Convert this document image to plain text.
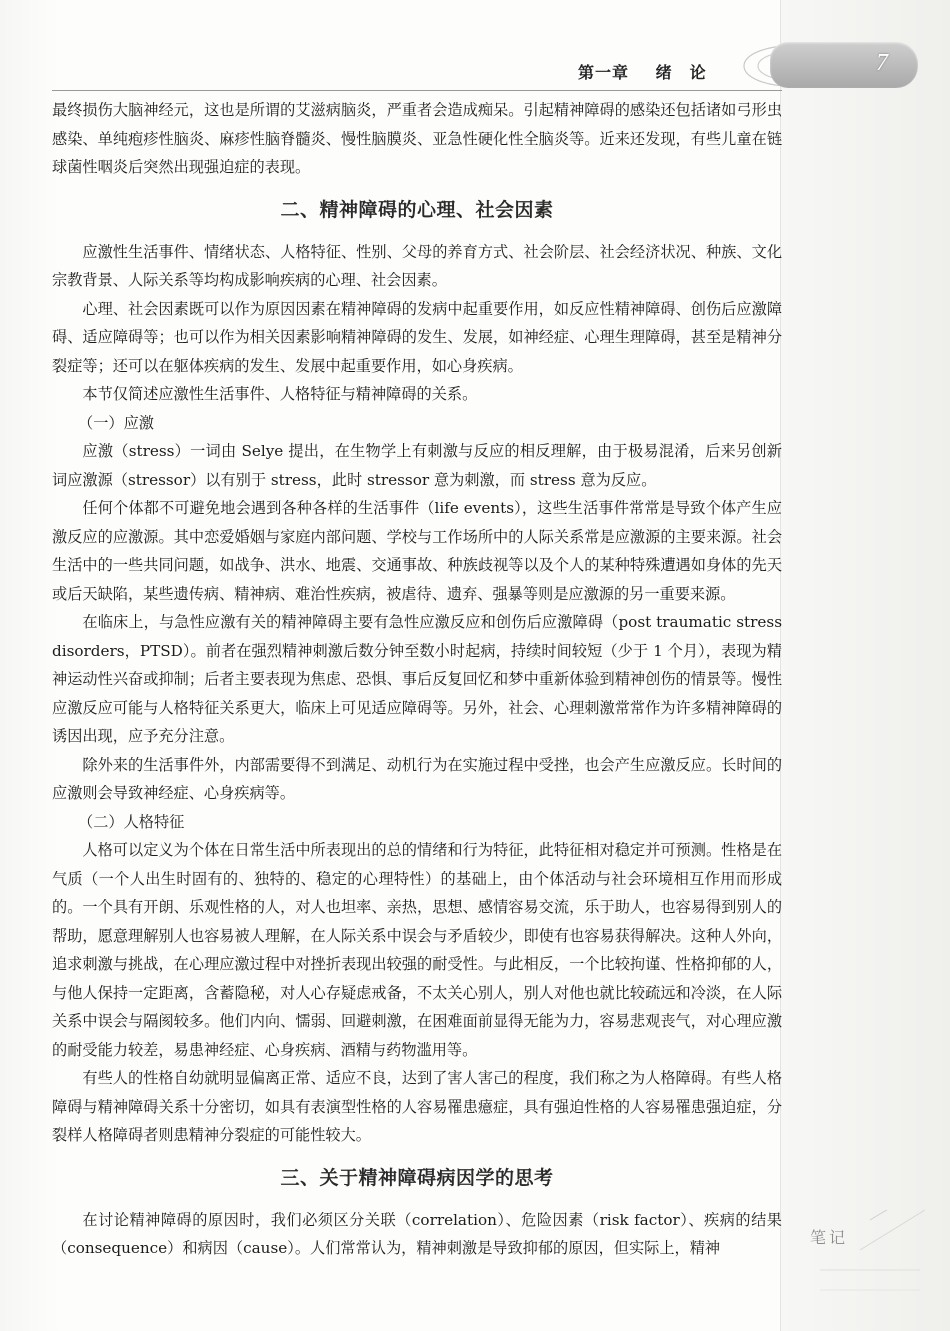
第一章 绪　论	7

最终损伤大脑神经元，这也是所谓的艾滋病脑炎，严重者会造成痴呆。引起精神障碍的感染还包括诸如弓形虫感染、单纯疱疹性脑炎、麻疹性脑脊髓炎、慢性脑膜炎、亚急性硬化性全脑炎等。近来还发现，有些儿童在链球菌性咽炎后突然出现强迫症的表现。

二、精神障碍的心理、社会因素

应激性生活事件、情绪状态、人格特征、性别、父母的养育方式、社会阶层、社会经济状况、种族、文化宗教背景、人际关系等均构成影响疾病的心理、社会因素。

心理、社会因素既可以作为原因因素在精神障碍的发病中起重要作用，如反应性精神障碍、创伤后应激障碍、适应障碍等；也可以作为相关因素影响精神障碍的发生、发展，如神经症、心理生理障碍，甚至是精神分裂症等；还可以在躯体疾病的发生、发展中起重要作用，如心身疾病。

本节仅简述应激性生活事件、人格特征与精神障碍的关系。

（一）应激

应激（stress）一词由 Selye 提出，在生物学上有刺激与反应的相反理解，由于极易混淆，后来另创新词应激源（stressor）以有别于 stress，此时 stressor 意为刺激，而 stress 意为反应。

任何个体都不可避免地会遇到各种各样的生活事件（life events），这些生活事件常常是导致个体产生应激反应的应激源。其中恋爱婚姻与家庭内部问题、学校与工作场所中的人际关系常是应激源的主要来源。社会生活中的一些共同问题，如战争、洪水、地震、交通事故、种族歧视等以及个人的某种特殊遭遇如身体的先天或后天缺陷，某些遗传病、精神病、难治性疾病，被虐待、遗弃、强暴等则是应激源的另一重要来源。

在临床上，与急性应激有关的精神障碍主要有急性应激反应和创伤后应激障碍（post traumatic stress disorders，PTSD）。前者在强烈精神刺激后数分钟至数小时起病，持续时间较短（少于 1 个月），表现为精神运动性兴奋或抑制；后者主要表现为焦虑、恐惧、事后反复回忆和梦中重新体验到精神创伤的情景等。慢性应激反应可能与人格特征关系更大，临床上可见适应障碍等。另外，社会、心理刺激常常作为许多精神障碍的诱因出现，应予充分注意。

除外来的生活事件外，内部需要得不到满足、动机行为在实施过程中受挫，也会产生应激反应。长时间的应激则会导致神经症、心身疾病等。

（二）人格特征

人格可以定义为个体在日常生活中所表现出的总的情绪和行为特征，此特征相对稳定并可预测。性格是在气质（一个人出生时固有的、独特的、稳定的心理特性）的基础上，由个体活动与社会环境相互作用而形成的。一个具有开朗、乐观性格的人，对人也坦率、亲热，思想、感情容易交流，乐于助人，也容易得到别人的帮助，愿意理解别人也容易被人理解，在人际关系中误会与矛盾较少，即使有也容易获得解决。这种人外向，追求刺激与挑战，在心理应激过程中对挫折表现出较强的耐受性。与此相反，一个比较拘谨、性格抑郁的人，与他人保持一定距离，含蓄隐秘，对人心存疑虑戒备，不太关心别人，别人对他也就比较疏远和冷淡，在人际关系中误会与隔阂较多。他们内向、懦弱、回避刺激，在困难面前显得无能为力，容易悲观丧气，对心理应激的耐受能力较差，易患神经症、心身疾病、酒精与药物滥用等。

有些人的性格自幼就明显偏离正常、适应不良，达到了害人害己的程度，我们称之为人格障碍。有些人格障碍与精神障碍关系十分密切，如具有表演型性格的人容易罹患癔症，具有强迫性格的人容易罹患强迫症，分裂样人格障碍者则患精神分裂症的可能性较大。

三、关于精神障碍病因学的思考

在讨论精神障碍的原因时，我们必须区分关联（correlation）、危险因素（risk factor）、疾病的结果（consequence）和病因（cause）。人们常常认为，精神刺激是导致抑郁的原因，但实际上，精神

笔记
